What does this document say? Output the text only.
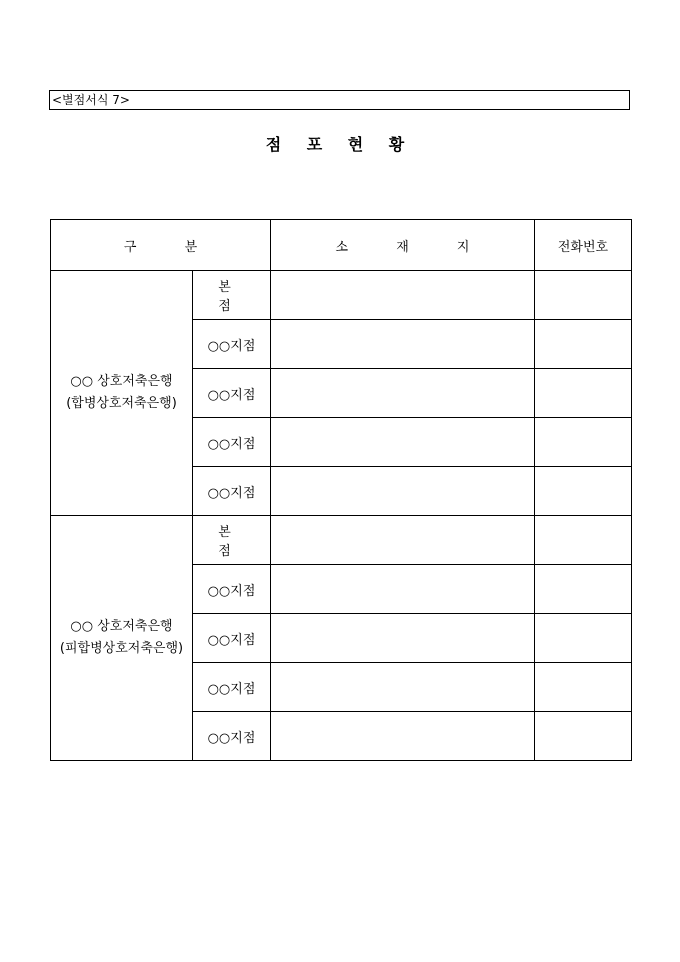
<별점서식 7>
점 포 현 황
구 분		소 재 지	전화번호

○○ 상호저축은행
(합병상호저축은행)	본 점		
	○○지점		
	○○지점		
	○○지점		
	○○지점		

○○ 상호저축은행
(피합병상호저축은행)	본 점		
	○○지점		
	○○지점		
	○○지점		
	○○지점		
